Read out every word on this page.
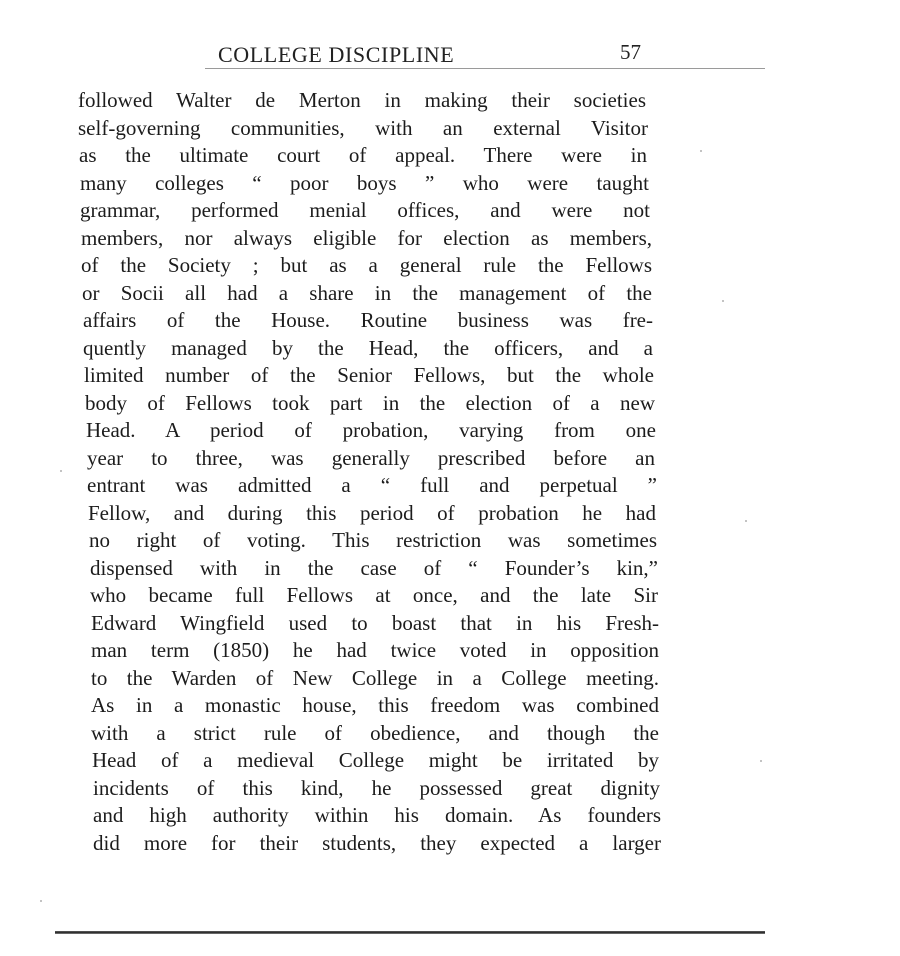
COLLEGE DISCIPLINE	57
followed Walter de Merton in making their societies
self-governing communities, with an external Visitor
as the ultimate court of appeal. There were in
many colleges “ poor boys ” who were taught
grammar, performed menial offices, and were not
members, nor always eligible for election as members,
of the Society ; but as a general rule the Fellows
or Socii all had a share in the management of the
affairs of the House. Routine business was fre-
quently managed by the Head, the officers, and a
limited number of the Senior Fellows, but the whole
body of Fellows took part in the election of a new
Head. A period of probation, varying from one
year to three, was generally prescribed before an
entrant was admitted a “ full and perpetual ”
Fellow, and during this period of probation he had
no right of voting. This restriction was sometimes
dispensed with in the case of “ Founder’s kin,”
who became full Fellows at once, and the late Sir
Edward Wingfield used to boast that in his Fresh-
man term (1850) he had twice voted in opposition
to the Warden of New College in a College meeting.
As in a monastic house, this freedom was combined
with a strict rule of obedience, and though the
Head of a medieval College might be irritated by
incidents of this kind, he possessed great dignity
and high authority within his domain. As founders
did more for their students, they expected a larger
